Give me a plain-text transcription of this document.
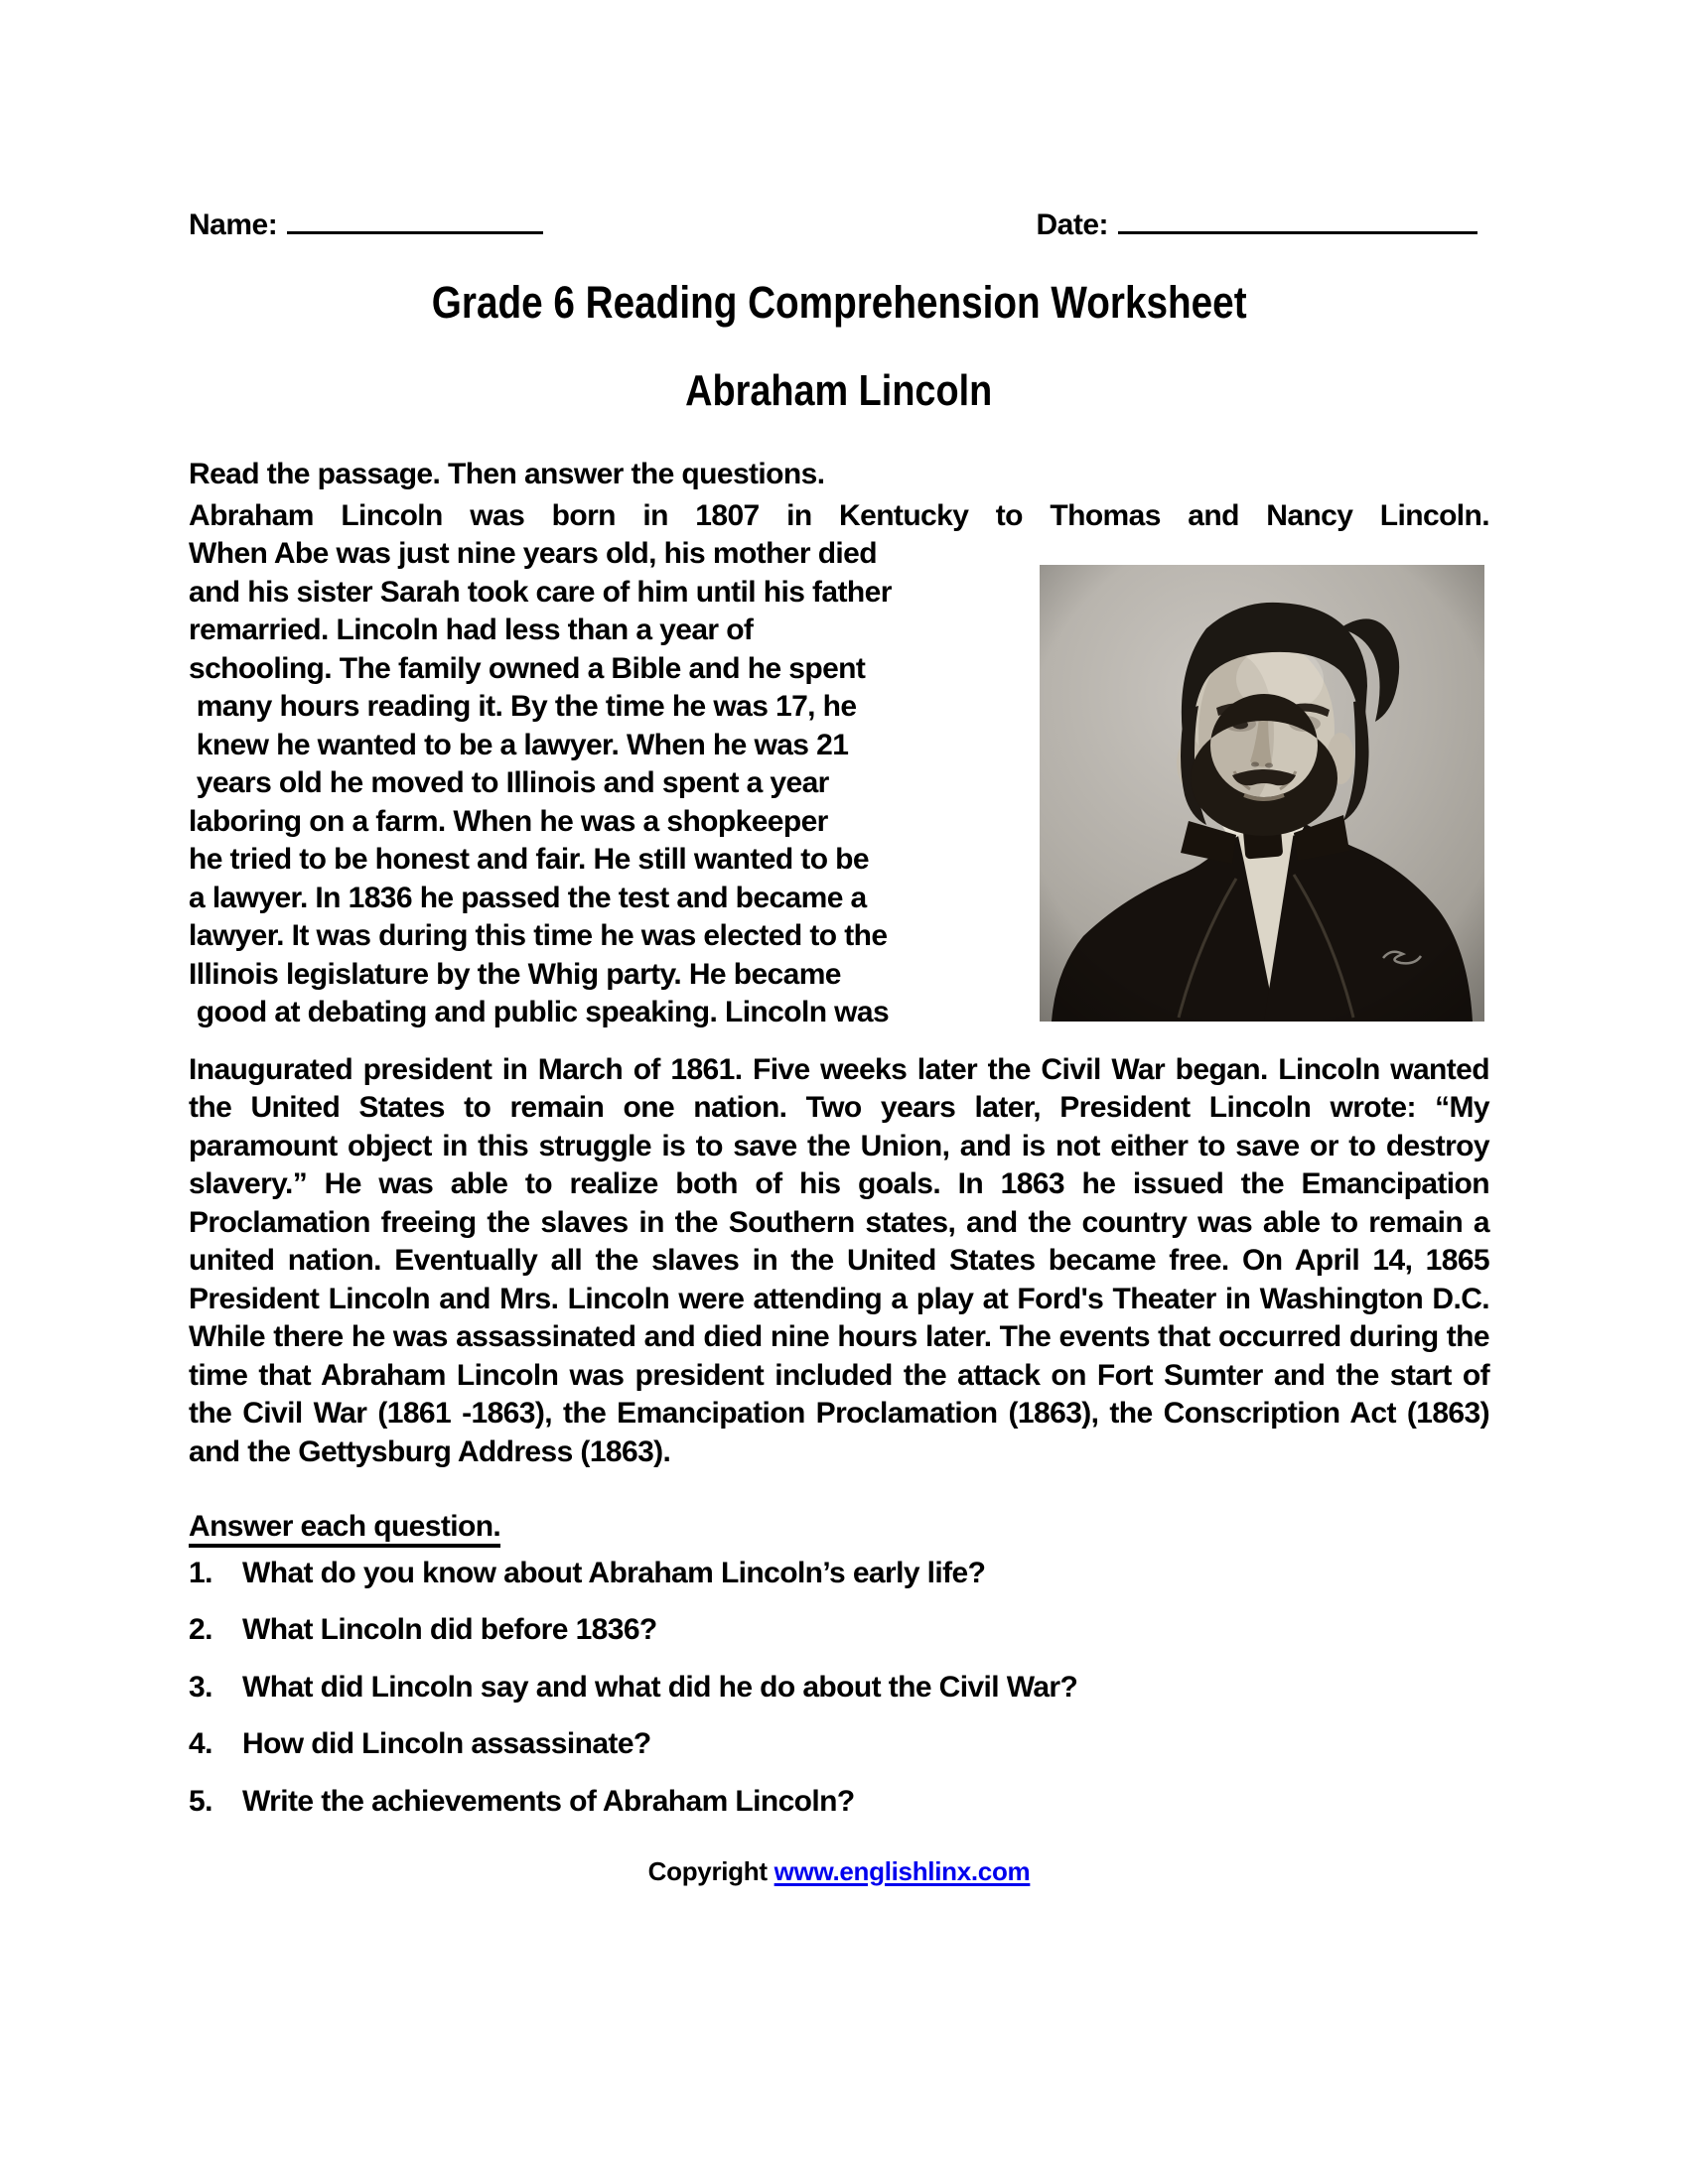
Name:	Date:
Grade 6 Reading Comprehension Worksheet
Abraham Lincoln
Read the passage. Then answer the questions.
Abraham Lincoln was born in 1807 in Kentucky to Thomas and Nancy Lincoln.
When Abe was just nine years old, his mother died
and his sister Sarah took care of him until his father
remarried. Lincoln had less than a year of
schooling. The family owned a Bible and he spent
many hours reading it. By the time he was 17, he
knew he wanted to be a lawyer. When he was 21
years old he moved to Illinois and spent a year
laboring on a farm. When he was a shopkeeper
he tried to be honest and fair. He still wanted to be
a lawyer. In 1836 he passed the test and became a
lawyer. It was during this time he was elected to the
Illinois legislature by the Whig party. He became
good at debating and public speaking. Lincoln was
Inaugurated president in March of 1861. Five weeks later the Civil War began. Lincoln wanted the United States to remain one nation. Two years later, President Lincoln wrote: “My paramount object in this struggle is to save the Union, and is not either to save or to destroy slavery.” He was able to realize both of his goals. In 1863 he issued the Emancipation Proclamation freeing the slaves in the Southern states, and the country was able to remain a united nation. Eventually all the slaves in the United States became free. On April 14, 1865 President Lincoln and Mrs. Lincoln were attending a play at Ford's Theater in Washington D.C. While there he was assassinated and died nine hours later. The events that occurred during the time that Abraham Lincoln was president included the attack on Fort Sumter and the start of the Civil War (1861 -1863), the Emancipation Proclamation (1863), the Conscription Act (1863) and the Gettysburg Address (1863).
Answer each question.
1.	What do you know about Abraham Lincoln’s early life?
2.	What Lincoln did before 1836?
3.	What did Lincoln say and what did he do about the Civil War?
4.	How did Lincoln assassinate?
5.	Write the achievements of Abraham Lincoln?
Copyright www.englishlinx.com
